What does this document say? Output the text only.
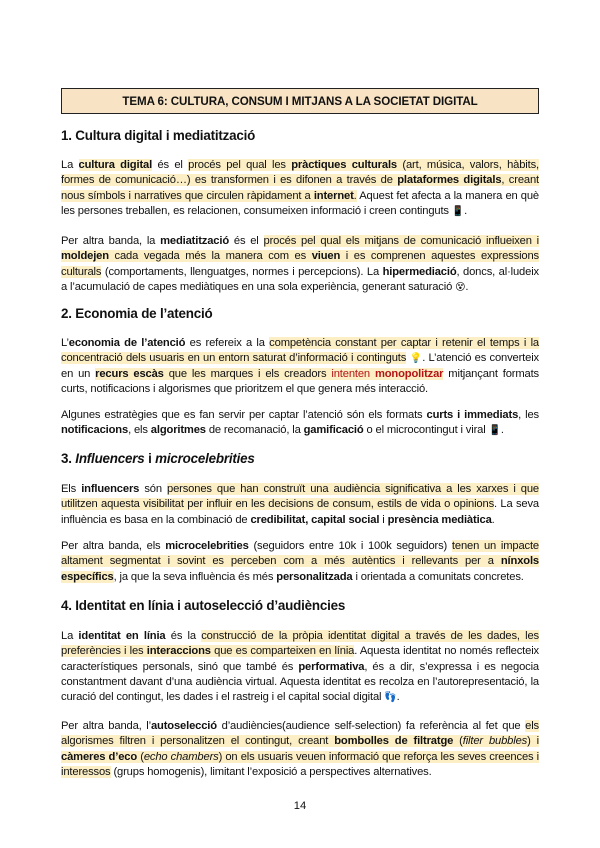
TEMA 6: CULTURA, CONSUM I MITJANS A LA SOCIETAT DIGITAL
1. Cultura digital i mediatització

La cultura digital és el procés pel qual les pràctiques culturals (art, música, valors, hàbits, formes de comunicació…) es transformen i es difonen a través de plataformes digitals, creant nous símbols i narratives que circulen ràpidament a internet. Aquest fet afecta a la manera en què les persones treballen, es relacionen, consumeixen informació i creen continguts 📱.

Per altra banda, la mediatització és el procés pel qual els mitjans de comunicació influeixen i moldejen cada vegada més la manera com es viuen i es comprenen aquestes expressions culturals (comportaments, llenguatges, normes i percepcions). La hipermediació, doncs, al·ludeix a l’acumulació de capes mediàtiques en una sola experiència, generant saturació 😵.

2. Economia de l’atenció

L’economia de l’atenció es refereix a la competència constant per captar i retenir el temps i la concentració dels usuaris en un entorn saturat d’informació i continguts 💡. L’atenció es converteix en un recurs escàs que les marques i els creadors intenten monopolitzar mitjançant formats curts, notificacions i algorismes que prioritzem el que genera més interacció.

Algunes estratègies que es fan servir per captar l’atenció són els formats curts i immediats, les notificacions, els algoritmes de recomanació, la gamificació o el microcontingut i viral 📱.

3. Influencers i microcelebrities

Els influencers són persones que han construït una audiència significativa a les xarxes i que utilitzen aquesta visibilitat per influir en les decisions de consum, estils de vida o opinions. La seva influència es basa en la combinació de credibilitat, capital social i presència mediàtica.

Per altra banda, els microcelebrities (seguidors entre 10k i 100k seguidors) tenen un impacte altament segmentat i sovint es perceben com a més autèntics i rellevants per a nínxols específics, ja que la seva influència és més personalitzada i orientada a comunitats concretes.

4. Identitat en línia i autoselecció d’audiències

La identitat en línia és la construcció de la pròpia identitat digital a través de les dades, les preferències i les interaccions que es comparteixen en línia. Aquesta identitat no només reflecteix característiques personals, sinó que també és performativa, és a dir, s’expressa i es negocia constantment davant d’una audiència virtual. Aquesta identitat es recolza en l’autorepresentació, la curació del contingut, les dades i el rastreig i el capital social digital 👣.

Per altra banda, l’autoselecció d’audiències(audience self-selection) fa referència al fet que els algorismes filtren i personalitzen el contingut, creant bombolles de filtratge (filter bubbles) i càmeres d’eco (echo chambers) on els usuaris veuen informació que reforça les seves creences i interessos (grups homogenis), limitant l’exposició a perspectives alternatives.

14
